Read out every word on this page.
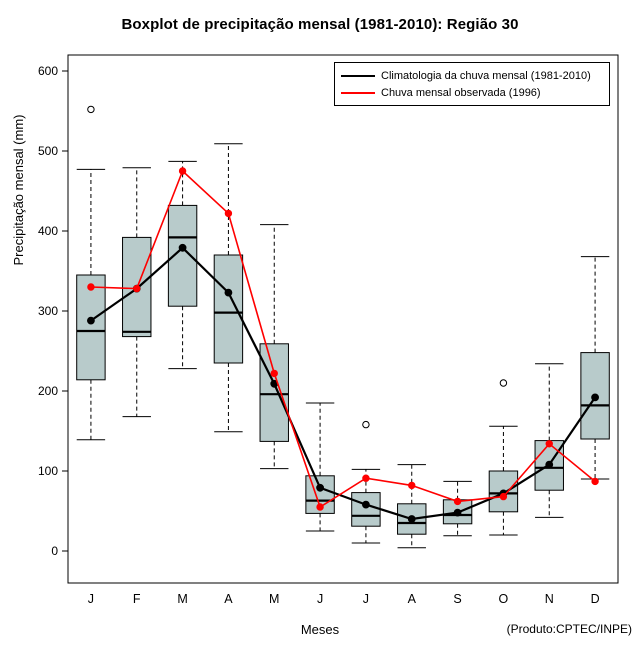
Boxplot de precipitação mensal (1981-2010): Região 30
0
100
200
300
400
500
600
J	F	M	A	M	J	J	A	S	O	N	D
Precipitação mensal (mm)
Meses	(Produto:CPTEC/INPE)
Climatologia da chuva mensal (1981-2010)
Chuva mensal observada (1996)
